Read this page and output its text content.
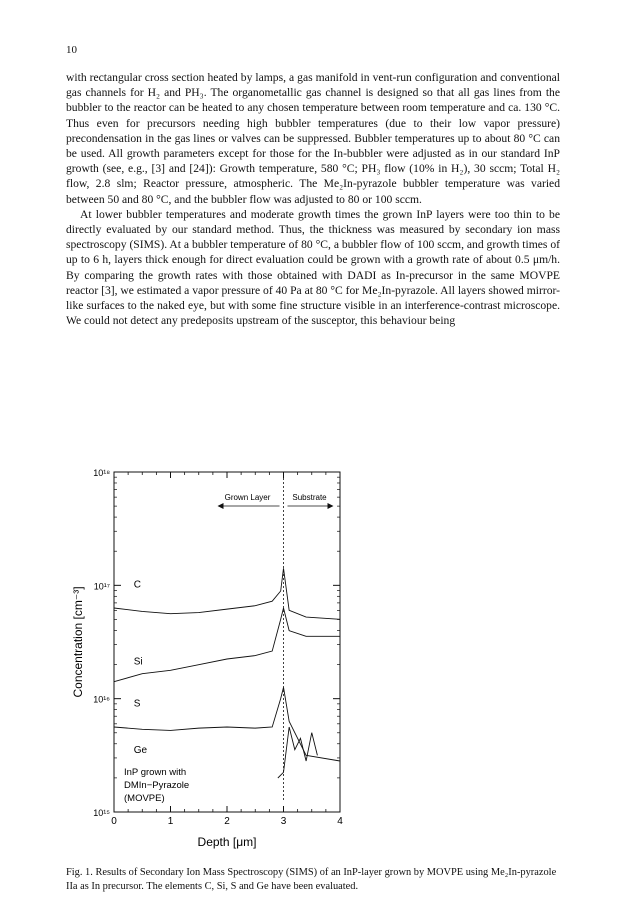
10

with rectangular cross section heated by lamps, a gas manifold in vent-run configuration and conventional gas channels for H₂ and PH₃. The organometallic gas channel is designed so that all gas lines from the bubbler to the reactor can be heated to any chosen temperature between room temperature and ca. 130 °C. Thus even for precursors needing high bubbler temperatures (due to their low vapor pressure) precondensation in the gas lines or valves can be suppressed. Bubbler temperatures up to about 80 °C can be used. All growth parameters except for those for the In-bubbler were adjusted as in our standard InP growth (see, e.g., [3] and [24]): Growth temperature, 580 °C; PH₃ flow (10% in H₂), 30 sccm; Total H₂ flow, 2.8 slm; Reactor pressure, atmospheric. The Me₂In-pyrazole bubbler temperature was varied between 50 and 80 °C, and the bubbler flow was adjusted to 80 or 100 sccm.

At lower bubbler temperatures and moderate growth times the grown InP layers were too thin to be directly evaluated by our standard method. Thus, the thickness was measured by secondary ion mass spectroscopy (SIMS). At a bubbler temperature of 80 °C, a bubbler flow of 100 sccm, and growth times of up to 6 h, layers thick enough for direct evaluation could be grown with a growth rate of about 0.5 μm/h. By comparing the growth rates with those obtained with DADI as In-precursor in the same MOVPE reactor [3], we estimated a vapor pressure of 40 Pa at 80 °C for Me₂In-pyrazole. All layers showed mirror-like surfaces to the naked eye, but with some fine structure visible in an interference-contrast microscope. We could not detect any predeposits upstream of the susceptor, this behaviour being

Concentration [cm⁻³]
Depth [μm]
0	1	2	3	4
10¹⁸
10¹⁷
10¹⁶
10¹⁵
C
Si
S
Ge
Grown Layer	Substrate
InP grown with
DMIn−Pyrazole
(MOVPE)
Fig. 1. Results of Secondary Ion Mass Spectroscopy (SIMS) of an InP-layer grown by MOVPE using Me₂In-pyrazole IIa as In precursor. The elements C, Si, S and Ge have been evaluated.
